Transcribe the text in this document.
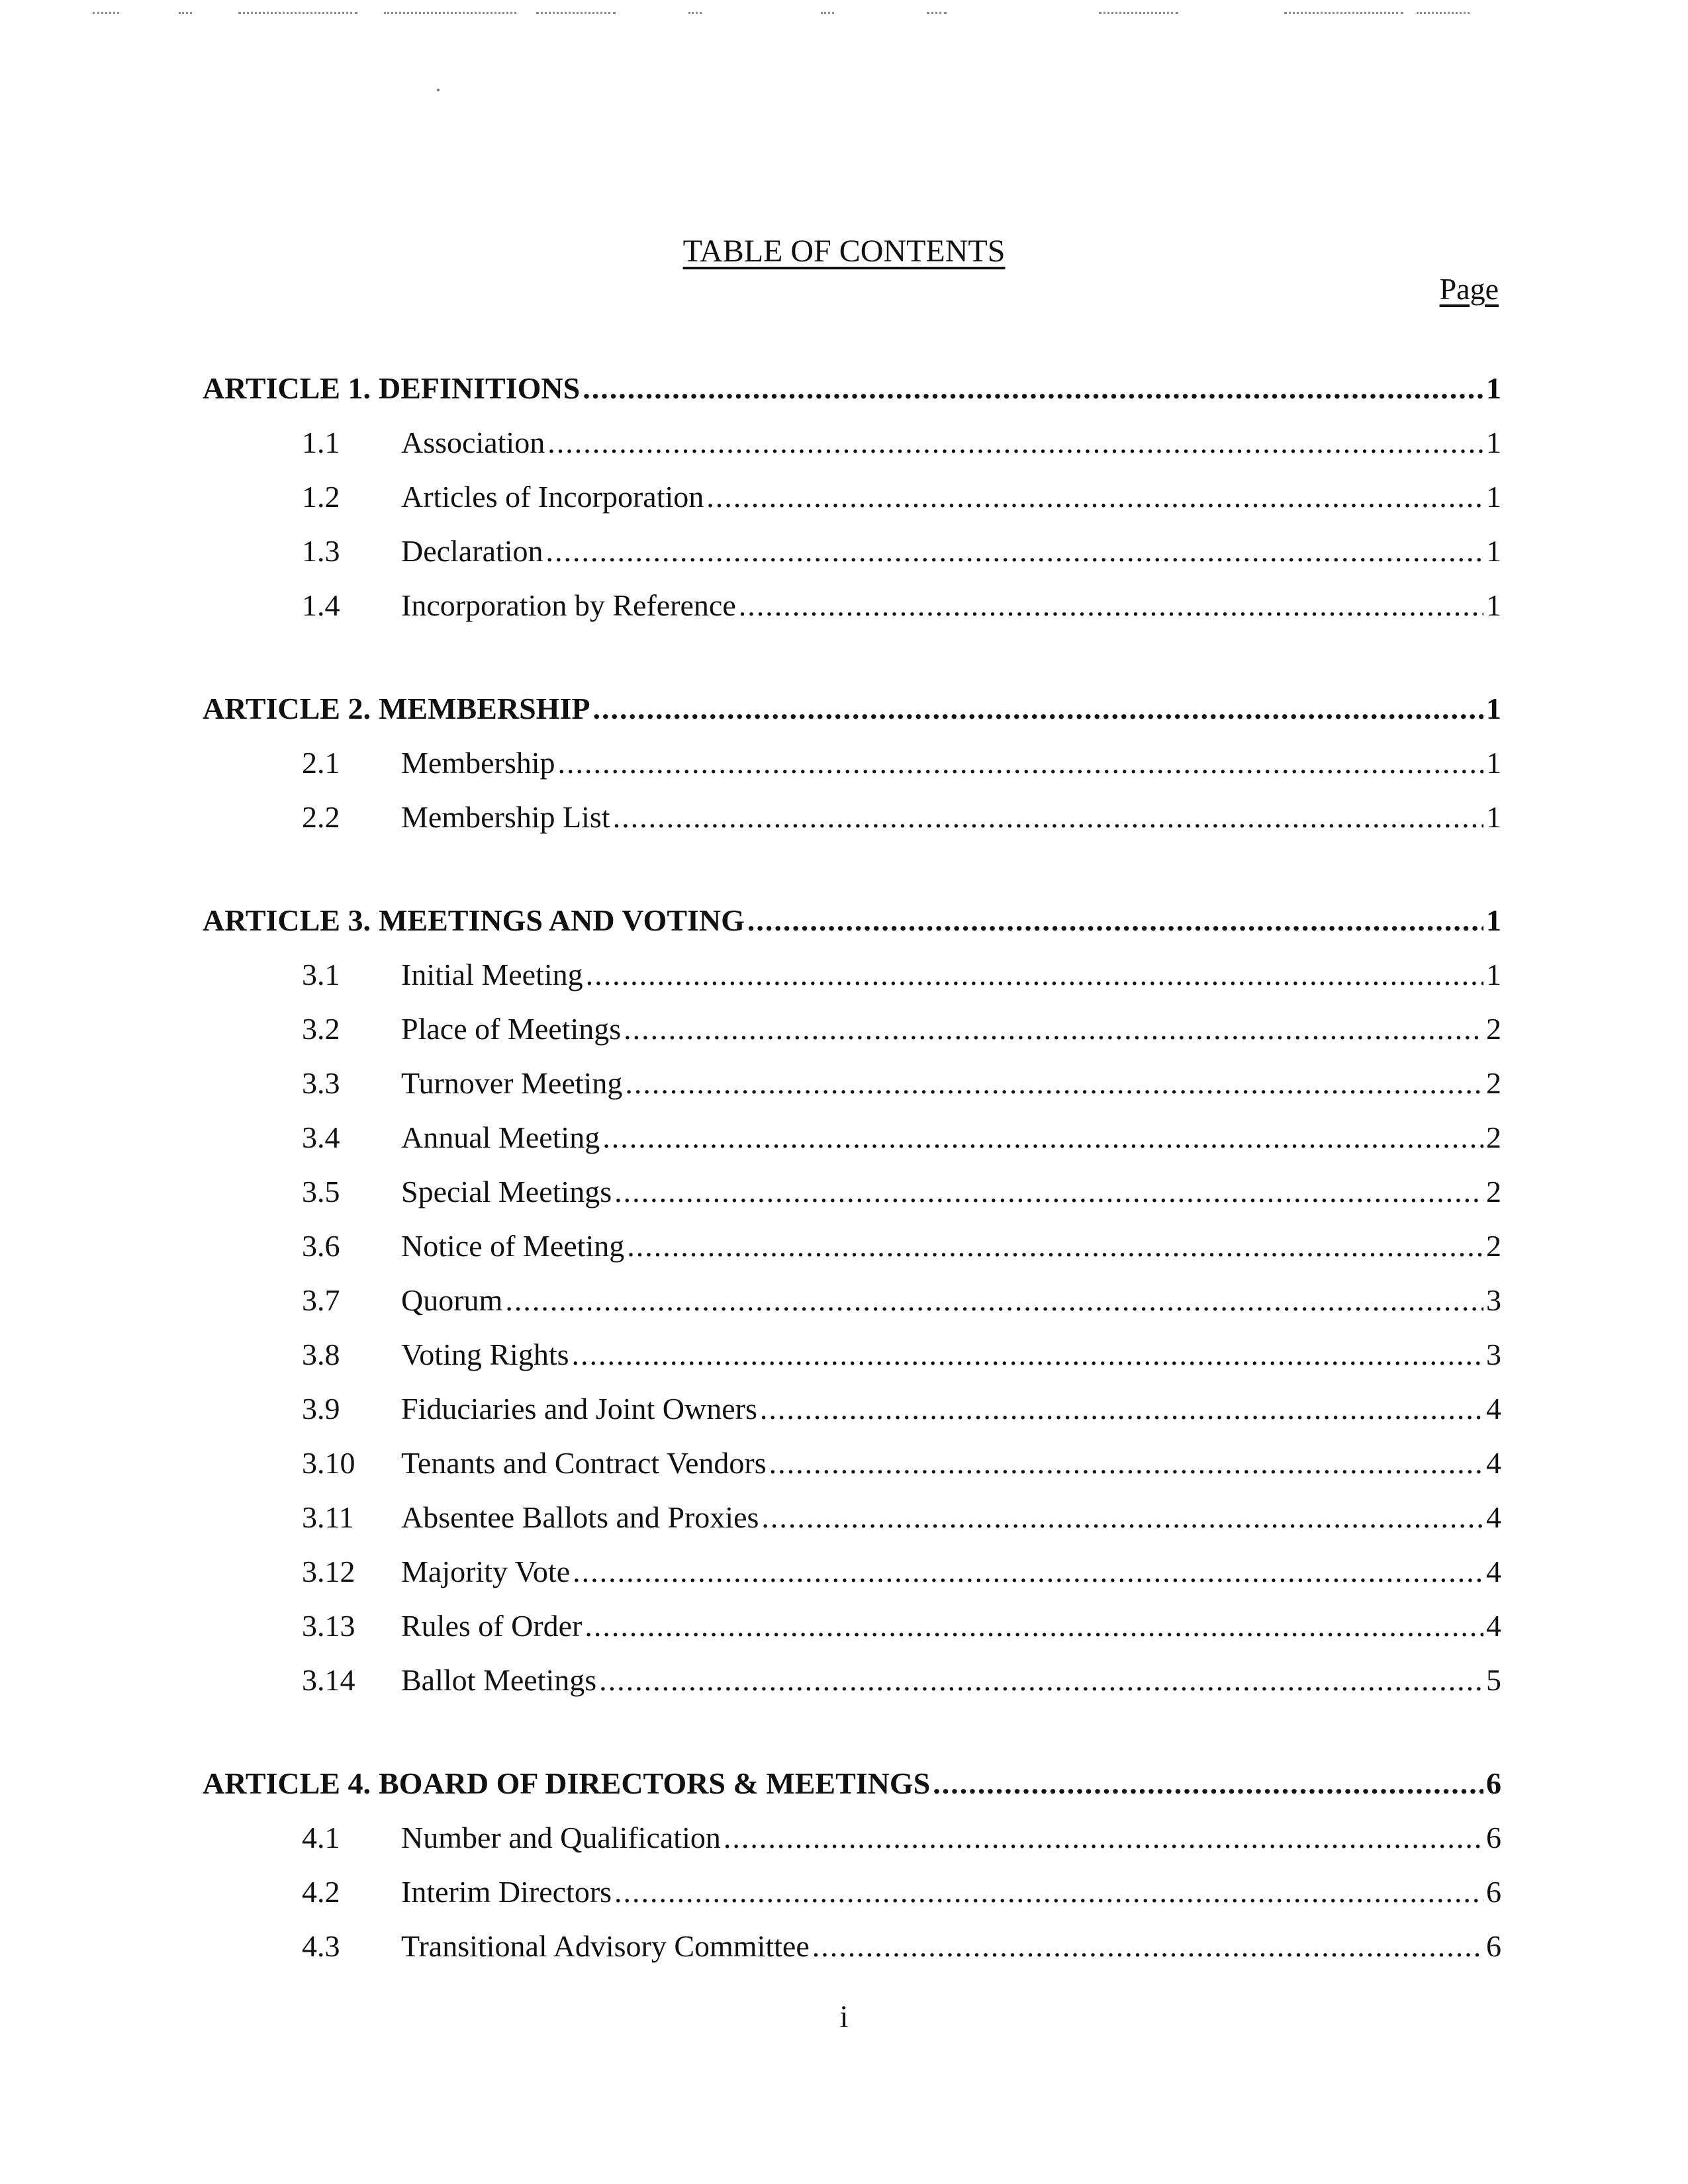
TABLE OF CONTENTS
Page
ARTICLE 1. DEFINITIONS .....	1
1.1	Association .....	1
1.2	Articles of Incorporation .....	1
1.3	Declaration .....	1
1.4	Incorporation by Reference .....	1
ARTICLE 2. MEMBERSHIP .....	1
2.1	Membership .....	1
2.2	Membership List .....	1
ARTICLE 3. MEETINGS AND VOTING .....	1
3.1	Initial Meeting .....	1
3.2	Place of Meetings .....	2
3.3	Turnover Meeting .....	2
3.4	Annual Meeting .....	2
3.5	Special Meetings .....	2
3.6	Notice of Meeting .....	2
3.7	Quorum .....	3
3.8	Voting Rights .....	3
3.9	Fiduciaries and Joint Owners .....	4
3.10	Tenants and Contract Vendors .....	4
3.11	Absentee Ballots and Proxies .....	4
3.12	Majority Vote .....	4
3.13	Rules of Order .....	4
3.14	Ballot Meetings .....	5
ARTICLE 4. BOARD OF DIRECTORS & MEETINGS .....	6
4.1	Number and Qualification .....	6
4.2	Interim Directors .....	6
4.3	Transitional Advisory Committee .....	6
i
